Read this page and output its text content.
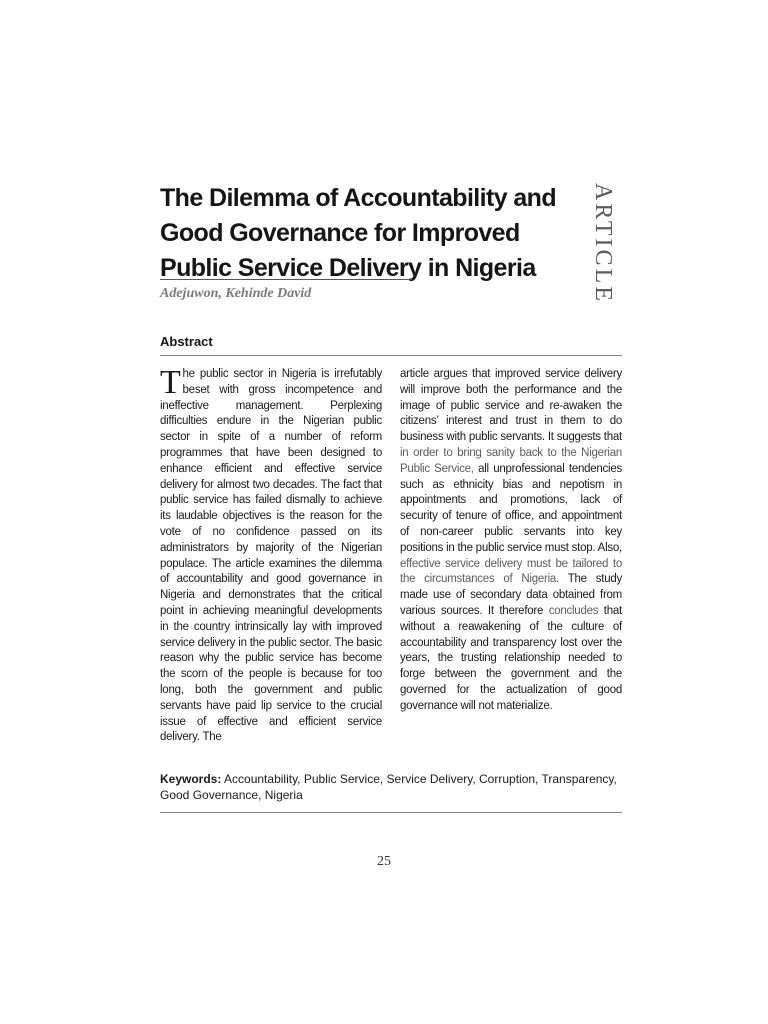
The Dilemma of Accountability and Good Governance for Improved Public Service Delivery in Nigeria

Adejuwon, Kehinde David	ARTICLE
Abstract

The public sector in Nigeria is irrefutably beset with gross incompetence and ineffective management. Perplexing difficulties endure in the Nigerian public sector in spite of a number of reform programmes that have been designed to enhance efficient and effective service delivery for almost two decades. The fact that public service has failed dismally to achieve its laudable objectives is the reason for the vote of no confidence passed on its administrators by majority of the Nigerian populace. The article examines the dilemma of accountability and good governance in Nigeria and demonstrates that the critical point in achieving meaningful developments in the country intrinsically lay with improved service delivery in the public sector. The basic reason why the public service has become the scorn of the people is because for too long, both the government and public servants have paid lip service to the crucial issue of effective and efficient service delivery. The

article argues that improved service delivery will improve both the performance and the image of public service and re-awaken the citizens’ interest and trust in them to do business with public servants. It suggests that in order to bring sanity back to the Nigerian Public Service, all unprofessional tendencies such as ethnicity bias and nepotism in appointments and promotions, lack of security of tenure of office, and appointment of non-career public servants into key positions in the public service must stop. Also, effective service delivery must be tailored to the circumstances of Nigeria. The study made use of secondary data obtained from various sources. It therefore concludes that without a reawakening of the culture of accountability and transparency lost over the years, the trusting relationship needed to forge between the government and the governed for the actualization of good governance will not materialize.

Keywords: Accountability, Public Service, Service Delivery, Corruption, Transparency, Good Governance, Nigeria

25
